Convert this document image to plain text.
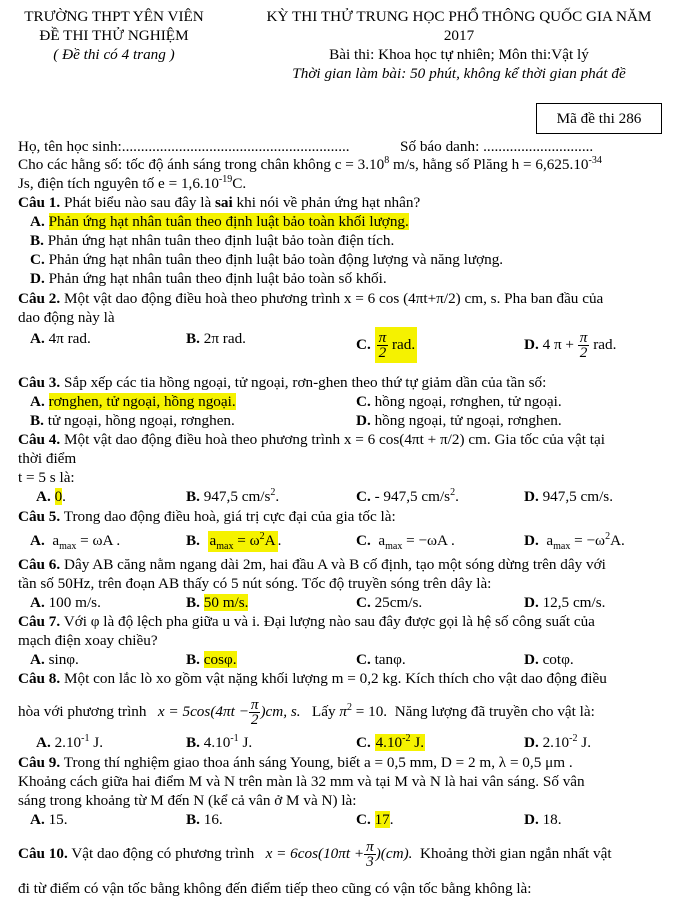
TRƯỜNG THPT YÊN VIÊN
ĐỀ THI THỬ NGHIỆM
( Đề thi có 4 trang )
KỲ THI THỬ TRUNG HỌC PHỔ THÔNG QUỐC GIA NĂM
2017
Bài thi: Khoa học tự nhiên; Môn thi:Vật lý
Thời gian làm bài: 50 phút, không kể thời gian phát đề
Mã đề thi 286
Họ, tên học sinh:............................................................	Số báo danh: .............................
Cho các hằng số: tốc độ ánh sáng trong chân không $c = 3.10^8$ m/s, hằng số Plăng $h = 6,625.10^{-34}$
Js, điện tích nguyên tố $e = 1,6.10^{-19}C$.
Câu 1. Phát biểu nào sau đây là sai khi nói về phản ứng hạt nhân?
A. Phản ứng hạt nhân tuân theo định luật bảo toàn khối lượng.
B. Phản ứng hạt nhân tuân theo định luật bảo toàn điện tích.
C. Phản ứng hạt nhân tuân theo định luật bảo toàn động lượng và năng lượng.
D. Phản ứng hạt nhân tuân theo định luật bảo toàn số khối.
Câu 2. Một vật dao động điều hoà theo phương trình x = 6 cos (4πt+π/2) cm, s. Pha ban đầu của
dao động này là
A. 4π rad.	B. 2π rad.	C. $\frac{\pi}{2}$ rad.	D. 4 $\pi + \frac{\pi}{2}$ rad.
Câu 3. Sắp xếp các tia hồng ngoại, tử ngoại, rơn-ghen theo thứ tự giảm dần của tần số:
A. rơnghen, tử ngoại, hồng ngoại.	C. hồng ngoại, rơnghen, tử ngoại.
B. tử ngoại, hồng ngoại, rơnghen.	D. hồng ngoại, tử ngoại, rơnghen.
Câu 4. Một vật dao động điều hoà theo phương trình x = 6 cos(4πt + π/2) cm. Gia tốc của vật tại
thời điểm
t = 5 s là:
A. 0.	B. 947,5 $cm/s^2$.	C. - 947,5 $cm/s^2$.	D. 947,5 cm/s.
Câu 5. Trong dao động điều hoà, giá trị cực đại của gia tốc là:
A. $a_{max} = \omega A$ .	B. $a_{max} = \omega^2A$ .	C. $a_{max} = -\omega A$ .	D. $a_{max} = -\omega^2A$.
Câu 6. Dây AB căng nằm ngang dài 2m, hai đầu A và B cố định, tạo một sóng dừng trên dây với
tần số 50Hz, trên đoạn AB thấy có 5 nút sóng. Tốc độ truyền sóng trên dây là:
A. 100 m/s.	B. 50 m/s.	C. 25cm/s.	D. 12,5 cm/s.
Câu 7. Với φ là độ lệch pha giữa u và i. Đại lượng nào sau đây được gọi là hệ số công suất của
mạch điện xoay chiều?
A. sinφ.	B. cosφ.	C. tanφ.	D. cotφ.
Câu 8. Một con lắc lò xo gồm vật nặng khối lượng m = 0,2 kg. Kích thích cho vật dao động điều
hòa với phương trình $x = 5\cos(4\pi t - \frac{\pi}{2} )cm$, s. Lấy $\pi^2 = 10$. Năng lượng đã truyền cho vật là:
A. $2.10^{-1}$ J.	B. $4.10^{-1}$ J.	C. $4.10^{-2}$ J.	D. $2.10^{-2}$ J.
Câu 9. Trong thí nghiệm giao thoa ánh sáng Young, biết a = 0,5 mm, D = 2 m, λ = 0,5 μm .
Khoảng cách giữa hai điểm M và N trên màn là 32 mm và tại M và N là hai vân sáng. Số vân
sáng trong khoảng từ M đến N (kể cả vân ở M và N) là:
A. 15.	B. 16.	C. 17.	D. 18.
Câu 10. Vật dao động có phương trình $x = 6\cos(10\pi t + \frac{\pi}{3} )(cm)$. Khoảng thời gian ngắn nhất vật
đi từ điểm có vận tốc bằng không đến điểm tiếp theo cũng có vận tốc bằng không là:
